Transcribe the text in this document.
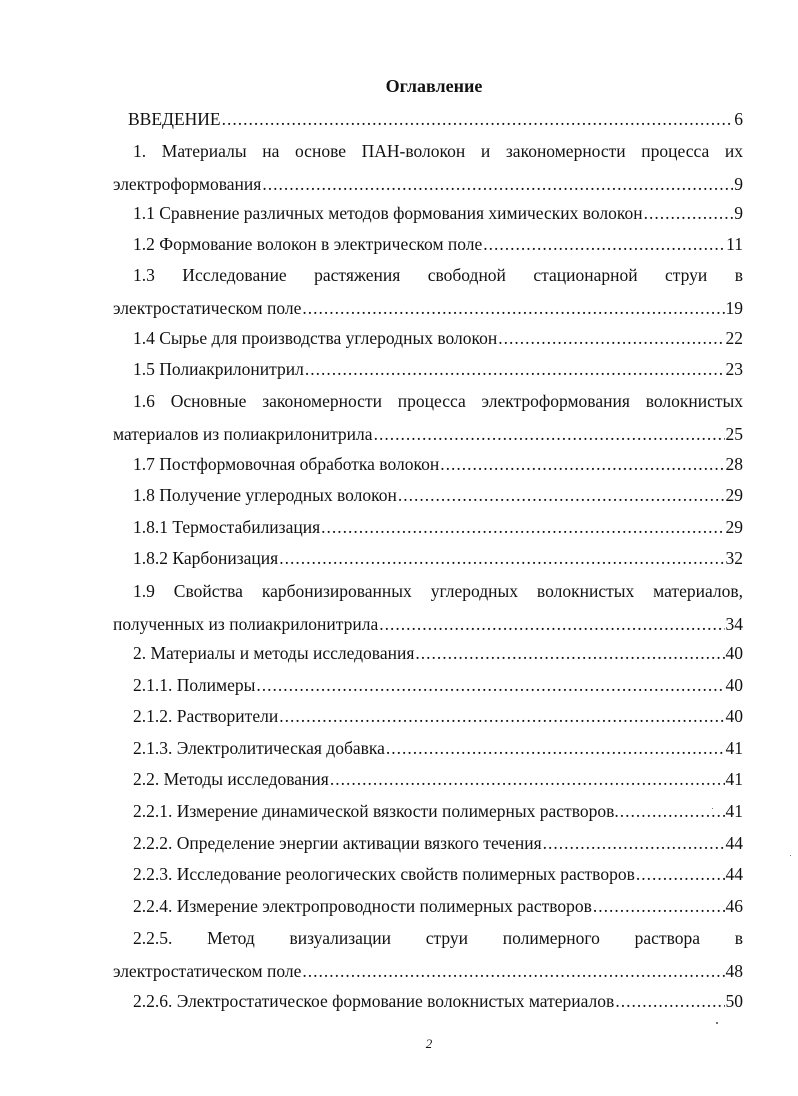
Оглавление
ВВЕДЕНИЕ .....	6
1. Материалы на основе ПАН-волокон и закономерности процесса их
электроформования .....	9
1.1 Сравнение различных методов формования химических волокон .....	9
1.2 Формование волокон в электрическом поле .....	11
1.3 Исследование растяжения свободной стационарной струи в
электростатическом поле .....	19
1.4 Сырье для производства углеродных волокон .....	22
1.5 Полиакрилонитрил .....	23
1.6 Основные закономерности процесса электроформования волокнистых
материалов из полиакрилонитрила .....	25
1.7 Постформовочная обработка волокон .....	28
1.8 Получение углеродных волокон .....	29
1.8.1 Термостабилизация .....	29
1.8.2 Карбонизация .....	32
1.9 Свойства карбонизированных углеродных волокнистых материалов,
полученных из полиакрилонитрила .....	34
2. Материалы и методы исследования .....	40
2.1.1. Полимеры .....	40
2.1.2. Растворители .....	40
2.1.3. Электролитическая добавка .....	41
2.2. Методы исследования .....	41
2.2.1. Измерение динамической вязкости полимерных растворов. .....	41
2.2.2. Определение энергии активации вязкого течения .....	44
2.2.3. Исследование реологических свойств полимерных растворов .....	44
2.2.4. Измерение электропроводности полимерных растворов .....	46
2.2.5. Метод визуализации струи полимерного раствора в
электростатическом поле .....	48
2.2.6. Электростатическое формование волокнистых материалов .....	50
2
